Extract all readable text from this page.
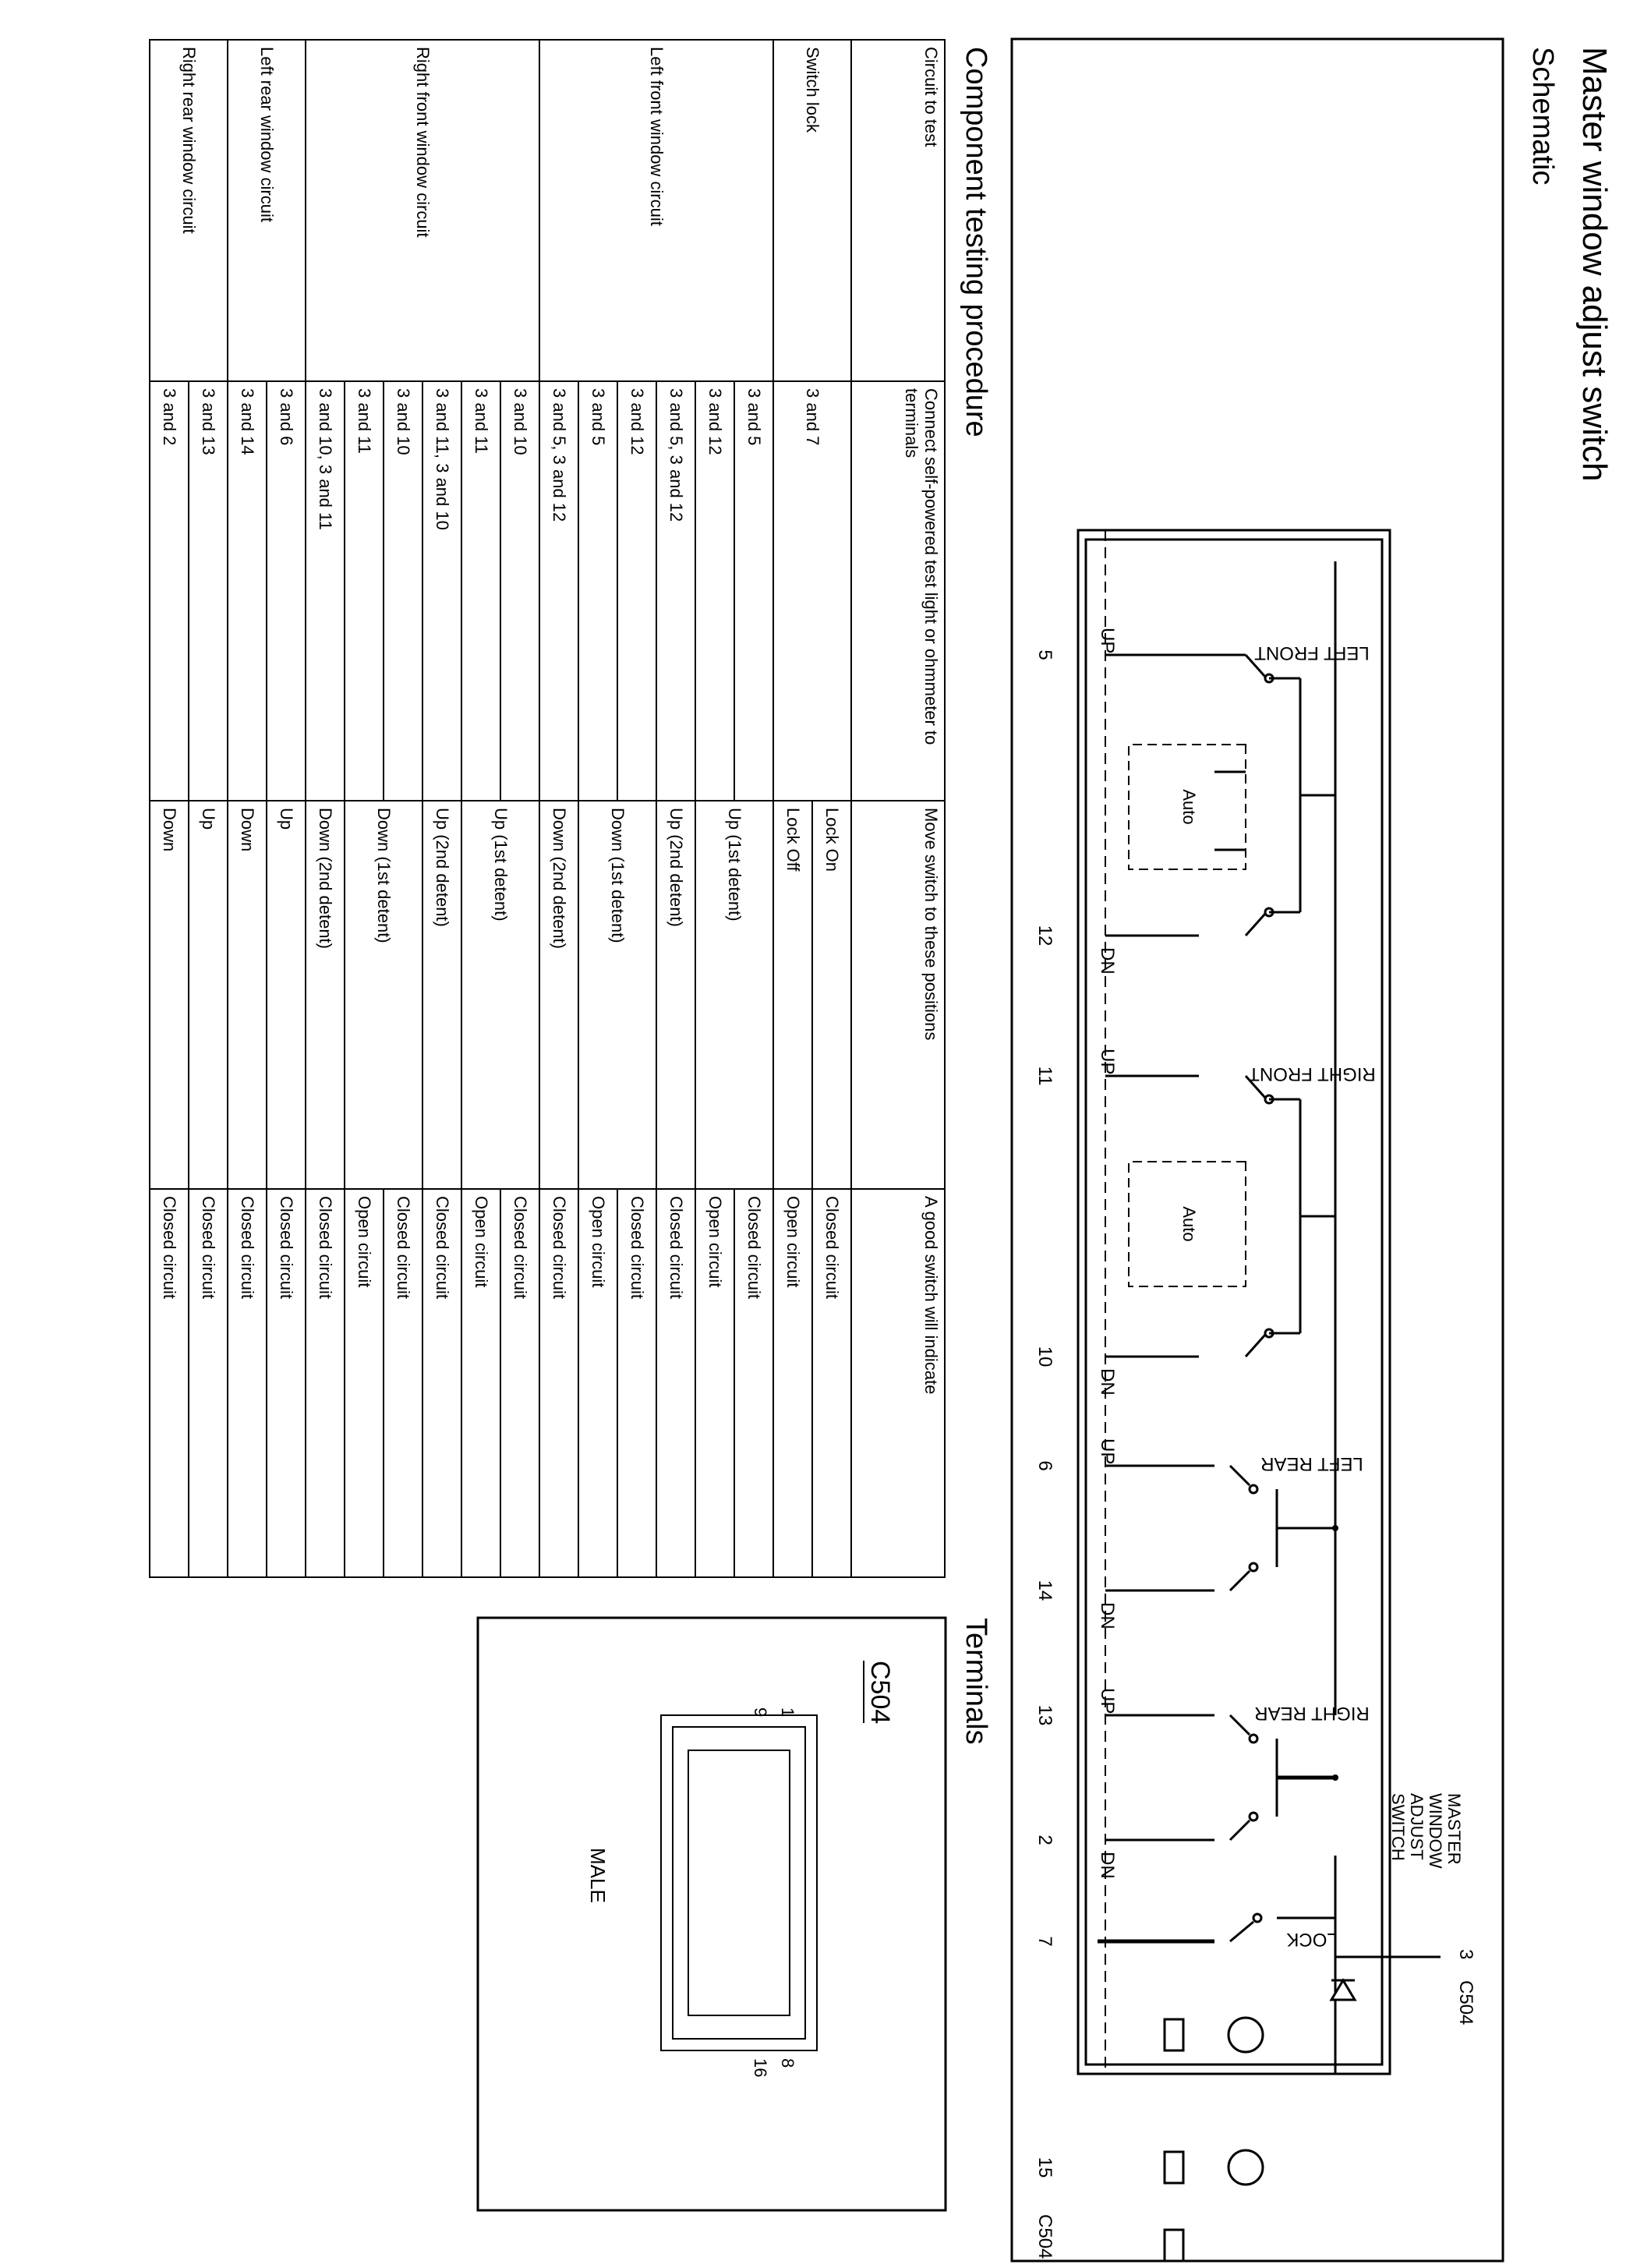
Master window adjust switch
Schematic
LEFT FRONT
RIGHT FRONT
LEFT REAR
RIGHT REAR
LOCK
Auto
Auto
UP
DN
UP
DN
UP
DN
UP
DN
5
12
11
10
6
14
13
2
7
15
C504
3
C504
MASTER
WINDOW
ADJUST
SWITCH
Component testing procedure
Circuit to test	Connect self-powered test light or ohmmeter to terminals	Move switch to these positions	A good switch will indicate
Switch lock	3 and 7	Lock On	Closed circuit
		Lock Off	Open circuit
Left front window circuit	3 and 5	Up (1st detent)	Closed circuit
	3 and 12		Open circuit
	3 and 5, 3 and 12	Up (2nd detent)	Closed circuit
	3 and 12	Down (1st detent)	Closed circuit
	3 and 5		Open circuit
	3 and 5, 3 and 12	Down (2nd detent)	Closed circuit
Right front window circuit	3 and 10	Up (1st detent)	Closed circuit
	3 and 11		Open circuit
	3 and 11, 3 and 10	Up (2nd detent)	Closed circuit
	3 and 10	Down (1st detent)	Closed circuit
	3 and 11		Open circuit
	3 and 10, 3 and 11	Down (2nd detent)	Closed circuit
Left rear window circuit	3 and 6	Up	Closed circuit
	3 and 14	Down	Closed circuit
Right rear window circuit	3 and 13	Up	Closed circuit
	3 and 2	Down	Closed circuit
Terminals
C504
1
9
8
16
MALE
